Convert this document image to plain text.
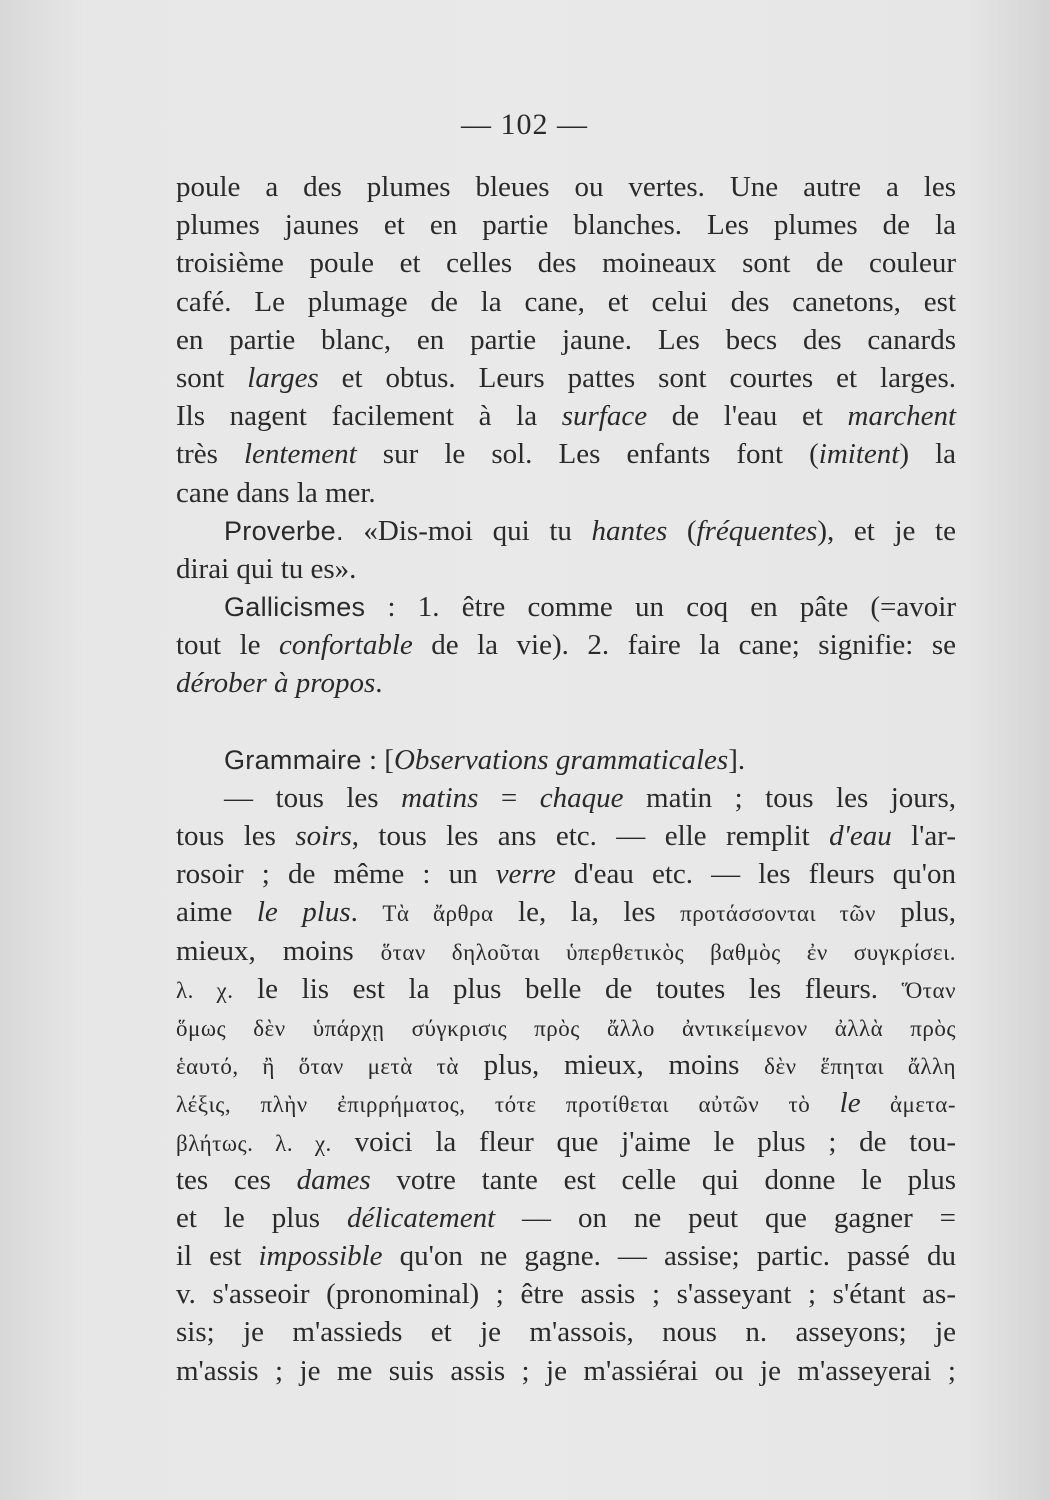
— 102 —
poule a des plumes bleues ou vertes. Une autre a les
plumes jaunes et en partie blanches. Les plumes de la
troisième poule et celles des moineaux sont de couleur
café. Le plumage de la cane, et celui des canetons, est
en partie blanc, en partie jaune. Les becs des canards
sont larges et obtus. Leurs pattes sont courtes et larges.
Ils nagent facilement à la surface de l'eau et marchent
très lentement sur le sol. Les enfants font (imitent) la
cane dans la mer.
Proverbe. «Dis-moi qui tu hantes (fréquentes), et je te
dirai qui tu es».
Gallicismes : 1. être comme un coq en pâte (=avoir
tout le confortable de la vie). 2. faire la cane; signifie: se
dérober à propos.
Grammaire : [Observations grammaticales].
— tous les matins = chaque matin ; tous les jours,
tous les soirs, tous les ans etc. — elle remplit d'eau l'ar-
rosoir ; de même : un verre d'eau etc. — les fleurs qu'on
aime le plus. Τὰ ἄρθρα le, la, les προτάσσονται τῶν plus,
mieux, moins ὅταν δηλοῦται ὑπερθετικὸς βαθμὸς ἐν συγκρίσει.
λ. χ. le lis est la plus belle de toutes les fleurs. Ὅταν
ὅμως δὲν ὑπάρχῃ σύγκρισις πρὸς ἄλλο ἀντικείμενον ἀλλὰ πρὸς
ἑαυτό, ἢ ὅταν μετὰ τὰ plus, mieux, moins δὲν ἕπηται ἄλλη
λέξις, πλὴν ἐπιρρήματος, τότε προτίθεται αὐτῶν τὸ le ἀμετα-
βλήτως. λ. χ. voici la fleur que j'aime le plus ; de tou-
tes ces dames votre tante est celle qui donne le plus
et le plus délicatement — on ne peut que gagner =
il est impossible qu'on ne gagne. — assise; partic. passé du
v. s'asseoir (pronominal) ; être assis ; s'asseyant ; s'étant as-
sis; je m'assieds et je m'assois, nous n. asseyons; je
m'assis ; je me suis assis ; je m'assiérai ou je m'asseyerai ;
